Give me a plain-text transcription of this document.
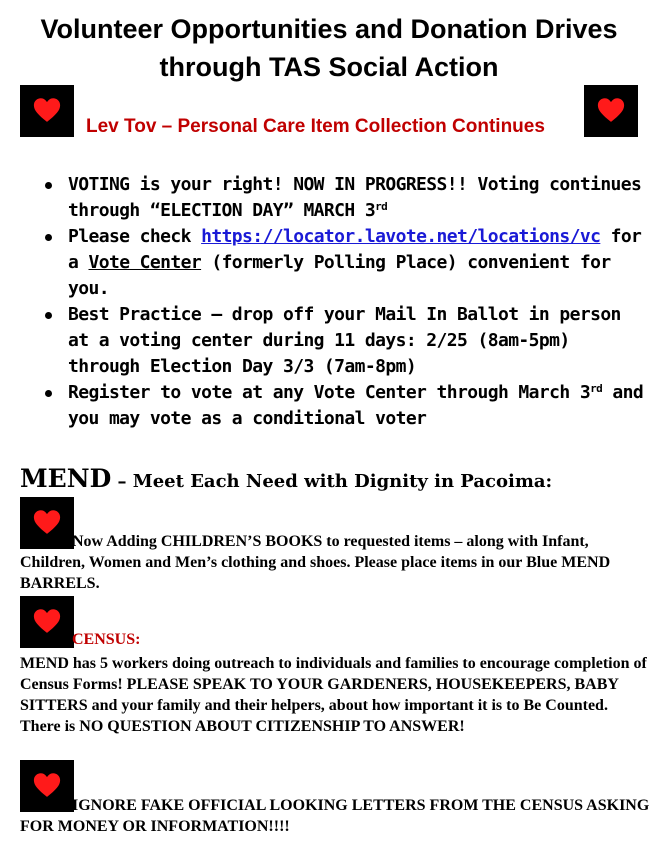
Volunteer Opportunities and Donation Drives
through TAS Social Action
Lev Tov – Personal Care Item Collection Continues
VOTING is your right! NOW IN PROGRESS!! Voting continues through “ELECTION DAY” MARCH 3rd
Please check https://locator.lavote.net/locations/vc for a Vote Center (formerly Polling Place) convenient for you.
Best Practice – drop off your Mail In Ballot in person at a voting center during 11 days: 2/25 (8am-5pm) through Election Day 3/3 (7am-8pm)
Register to vote at any Vote Center through March 3rd and you may vote as a conditional voter
MEND – Meet Each Need with Dignity in Pacoima:
Now Adding CHILDREN’S BOOKS to requested items – along with Infant, Children, Women and Men’s clothing and shoes. Please place items in our Blue MEND BARRELS.
CENSUS:
MEND has 5 workers doing outreach to individuals and families to encourage completion of Census Forms! PLEASE SPEAK TO YOUR GARDENERS, HOUSEKEEPERS, BABY SITTERS and your family and their helpers, about how important it is to Be Counted. There is NO QUESTION ABOUT CITIZENSHIP TO ANSWER!
IGNORE FAKE OFFICIAL LOOKING LETTERS FROM THE CENSUS ASKING FOR MONEY OR INFORMATION!!!!
